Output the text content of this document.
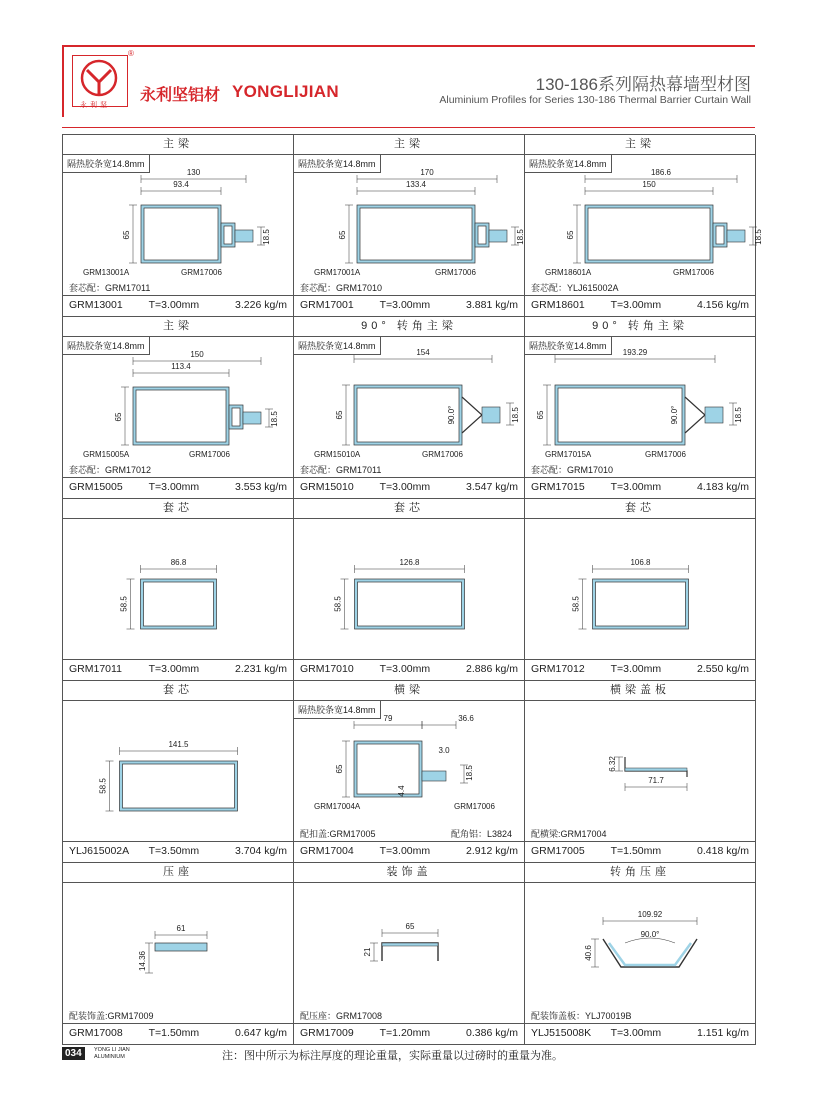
永利坚
®
永利坚铝材 YONGLIJIAN	130-186系列隔热幕墙型材图
Aluminium Profiles for Series 130-186 Thermal Barrier Curtain Wall
主梁
隔热胶条宽14.8mm
130
93.4
65	18.5
GRM13001A	GRM17006
套芯配：GRM17011
GRM13001	T=3.00mm	3.226 kg/m
主梁
隔热胶条宽14.8mm
170
133.4
65	18.5
GRM17001A	GRM17006
套芯配：GRM17010
GRM17001	T=3.00mm	3.881 kg/m
主梁
隔热胶条宽14.8mm
186.6
150
65	18.5
GRM18601A	GRM17006
套芯配：YLJ615002A
GRM18601	T=3.00mm	4.156 kg/m
主梁
隔热胶条宽14.8mm
150
113.4
65	18.5
GRM15005A	GRM17006
套芯配：GRM17012
GRM15005	T=3.00mm	3.553 kg/m
90° 转角主梁
隔热胶条宽14.8mm
154
65	90.0°	18.5
GRM15010A	GRM17006
套芯配：GRM17011
GRM15010	T=3.00mm	3.547 kg/m
90° 转角主梁
隔热胶条宽14.8mm
193.29
65	90.0°	18.5
GRM17015A	GRM17006
套芯配：GRM17010
GRM17015	T=3.00mm	4.183 kg/m
套芯
86.8
58.5
GRM17011	T=3.00mm	2.231 kg/m
套芯
126.8
58.5
GRM17010	T=3.00mm	2.886 kg/m
套芯
106.8
58.5
GRM17012	T=3.00mm	2.550 kg/m
套芯
141.5
58.5
YLJ615002A	T=3.50mm	3.704 kg/m
横梁
隔热胶条宽14.8mm
79	36.6
3.0
18.5
65
4.4
GRM17004A	GRM17006
配扣盖:GRM17005	配角铝：L3824
GRM17004	T=3.00mm	2.912 kg/m
横梁盖板
6.32
71.7
配横梁:GRM17004
GRM17005	T=1.50mm	0.418 kg/m
压座
61
14.36
配装饰盖:GRM17009
GRM17008	T=1.50mm	0.647 kg/m
装饰盖
65
21
配压座：GRM17008
GRM17009	T=1.20mm	0.386 kg/m
转角压座
109.92
90.0°
40.6
配装饰盖板：YLJ70019B
YLJ515008K	T=3.00mm	1.151 kg/m
034	YONG LI JIAN
ALUMINIUM	注：图中所示为标注厚度的理论重量，实际重量以过磅时的重量为准。
